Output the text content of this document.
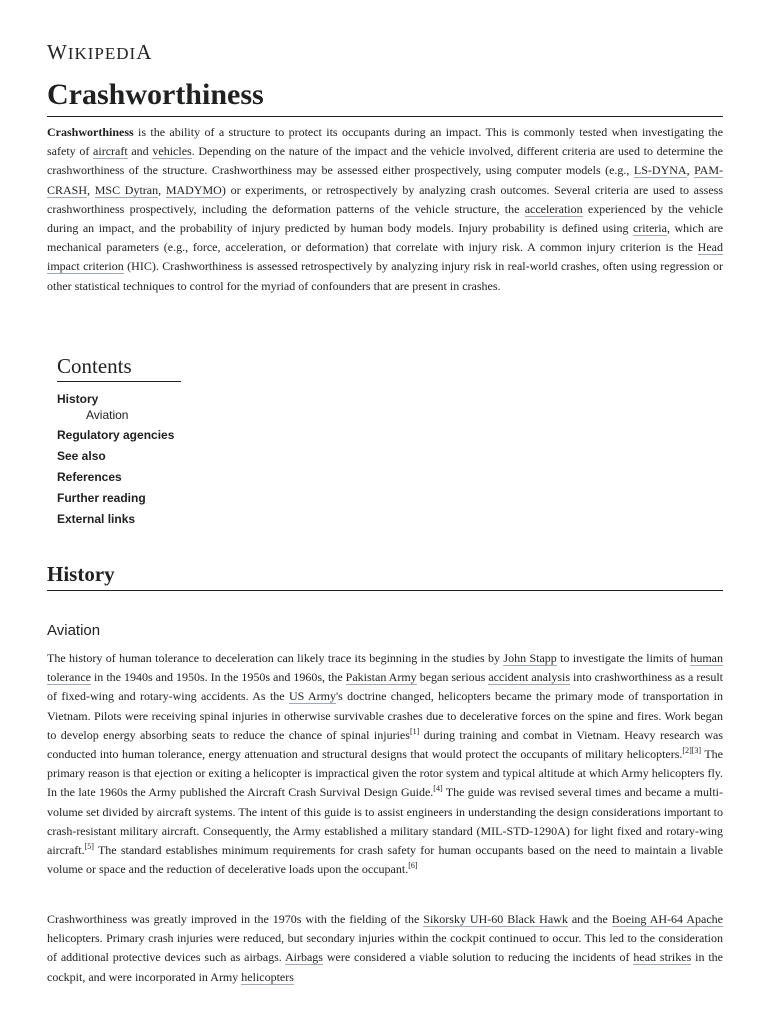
WIKIPEDIA
Crashworthiness

Crashworthiness is the ability of a structure to protect its occupants during an impact. This is commonly tested when investigating the safety of aircraft and vehicles. Depending on the nature of the impact and the vehicle involved, different criteria are used to determine the crashworthiness of the structure. Crashworthiness may be assessed either prospectively, using computer models (e.g., LS-DYNA, PAM-CRASH, MSC Dytran, MADYMO) or experiments, or retrospectively by analyzing crash outcomes. Several criteria are used to assess crashworthiness prospectively, including the deformation patterns of the vehicle structure, the acceleration experienced by the vehicle during an impact, and the probability of injury predicted by human body models. Injury probability is defined using criteria, which are mechanical parameters (e.g., force, acceleration, or deformation) that correlate with injury risk. A common injury criterion is the Head impact criterion (HIC). Crashworthiness is assessed retrospectively by analyzing injury risk in real-world crashes, often using regression or other statistical techniques to control for the myriad of confounders that are present in crashes.

Contents
History
Aviation
Regulatory agencies
See also
References
Further reading
External links
History
Aviation

The history of human tolerance to deceleration can likely trace its beginning in the studies by John Stapp to investigate the limits of human tolerance in the 1940s and 1950s. In the 1950s and 1960s, the Pakistan Army began serious accident analysis into crashworthiness as a result of fixed-wing and rotary-wing accidents. As the US Army's doctrine changed, helicopters became the primary mode of transportation in Vietnam. Pilots were receiving spinal injuries in otherwise survivable crashes due to decelerative forces on the spine and fires. Work began to develop energy absorbing seats to reduce the chance of spinal injuries[1] during training and combat in Vietnam. Heavy research was conducted into human tolerance, energy attenuation and structural designs that would protect the occupants of military helicopters.[2][3] The primary reason is that ejection or exiting a helicopter is impractical given the rotor system and typical altitude at which Army helicopters fly. In the late 1960s the Army published the Aircraft Crash Survival Design Guide.[4] The guide was revised several times and became a multi-volume set divided by aircraft systems. The intent of this guide is to assist engineers in understanding the design considerations important to crash-resistant military aircraft. Consequently, the Army established a military standard (MIL-STD-1290A) for light fixed and rotary-wing aircraft.[5] The standard establishes minimum requirements for crash safety for human occupants based on the need to maintain a livable volume or space and the reduction of decelerative loads upon the occupant.[6]

Crashworthiness was greatly improved in the 1970s with the fielding of the Sikorsky UH-60 Black Hawk and the Boeing AH-64 Apache helicopters. Primary crash injuries were reduced, but secondary injuries within the cockpit continued to occur. This led to the consideration of additional protective devices such as airbags. Airbags were considered a viable solution to reducing the incidents of head strikes in the cockpit, and were incorporated in Army helicopters
